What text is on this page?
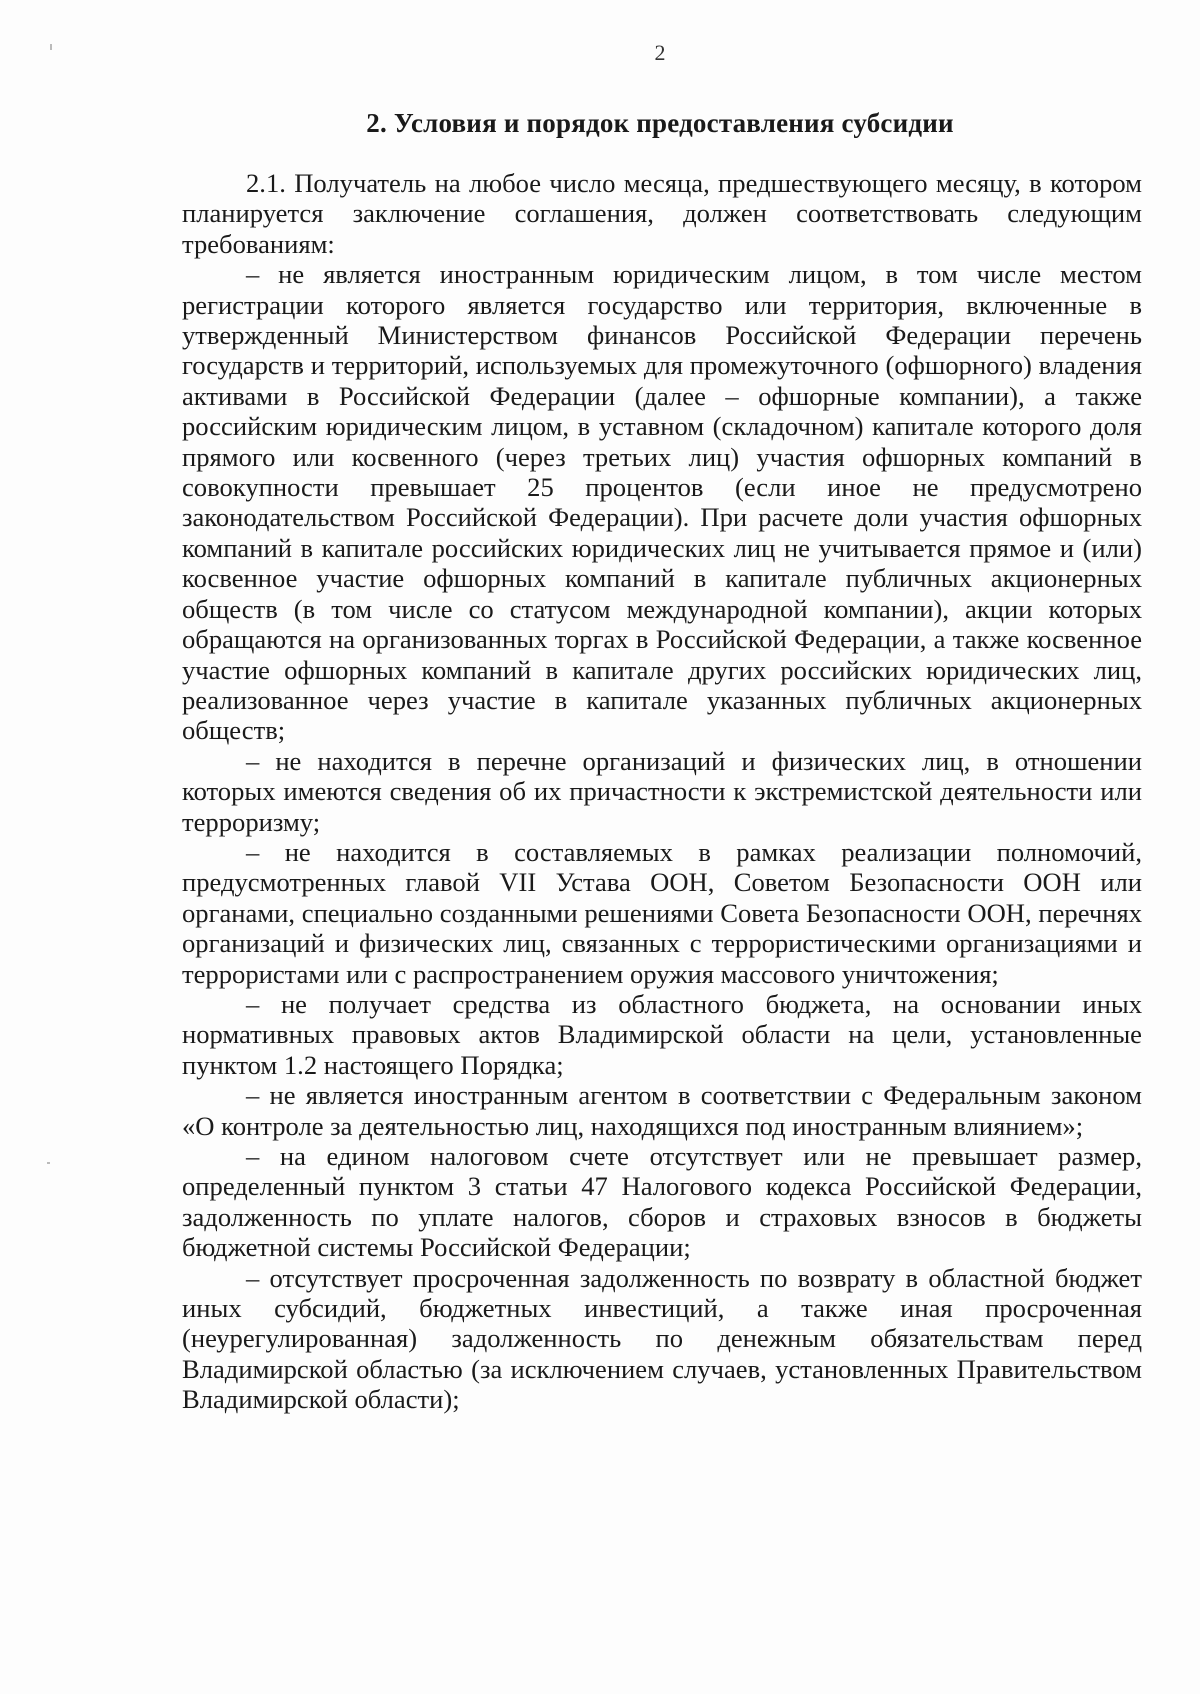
2
2. Условия и порядок предоставления субсидии

2.1. Получатель на любое число месяца, предшествующего месяцу, в котором планируется заключение соглашения, должен соответствовать следующим требованиям:

– не является иностранным юридическим лицом, в том числе местом регистрации которого является государство или территория, включенные в утвержденный Министерством финансов Российской Федерации перечень государств и территорий, используемых для промежуточного (офшорного) владения активами в Российской Федерации (далее – офшорные компании), а также российским юридическим лицом, в уставном (складочном) капитале которого доля прямого или косвенного (через третьих лиц) участия офшорных компаний в совокупности превышает 25 процентов (если иное не предусмотрено законодательством Российской Федерации). При расчете доли участия офшорных компаний в капитале российских юридических лиц не учитывается прямое и (или) косвенное участие офшорных компаний в капитале публичных акционерных обществ (в том числе со статусом международной компании), акции которых обращаются на организованных торгах в Российской Федерации, а также косвенное участие офшорных компаний в капитале других российских юридических лиц, реализованное через участие в капитале указанных публичных акционерных обществ;

– не находится в перечне организаций и физических лиц, в отношении которых имеются сведения об их причастности к экстремистской деятельности или терроризму;

– не находится в составляемых в рамках реализации полномочий, предусмотренных главой VII Устава ООН, Советом Безопасности ООН или органами, специально созданными решениями Совета Безопасности ООН, перечнях организаций и физических лиц, связанных с террористическими организациями и террористами или с распространением оружия массового уничтожения;

– не получает средства из областного бюджета, на основании иных нормативных правовых актов Владимирской области на цели, установленные пунктом 1.2 настоящего Порядка;

– не является иностранным агентом в соответствии с Федеральным законом «О контроле за деятельностью лиц, находящихся под иностранным влиянием»;

– на едином налоговом счете отсутствует или не превышает размер, определенный пунктом 3 статьи 47 Налогового кодекса Российской Федерации, задолженность по уплате налогов, сборов и страховых взносов в бюджеты бюджетной системы Российской Федерации;

– отсутствует просроченная задолженность по возврату в областной бюджет иных субсидий, бюджетных инвестиций, а также иная просроченная (неурегулированная) задолженность по денежным обязательствам перед Владимирской областью (за исключением случаев, установленных Правительством Владимирской области);
